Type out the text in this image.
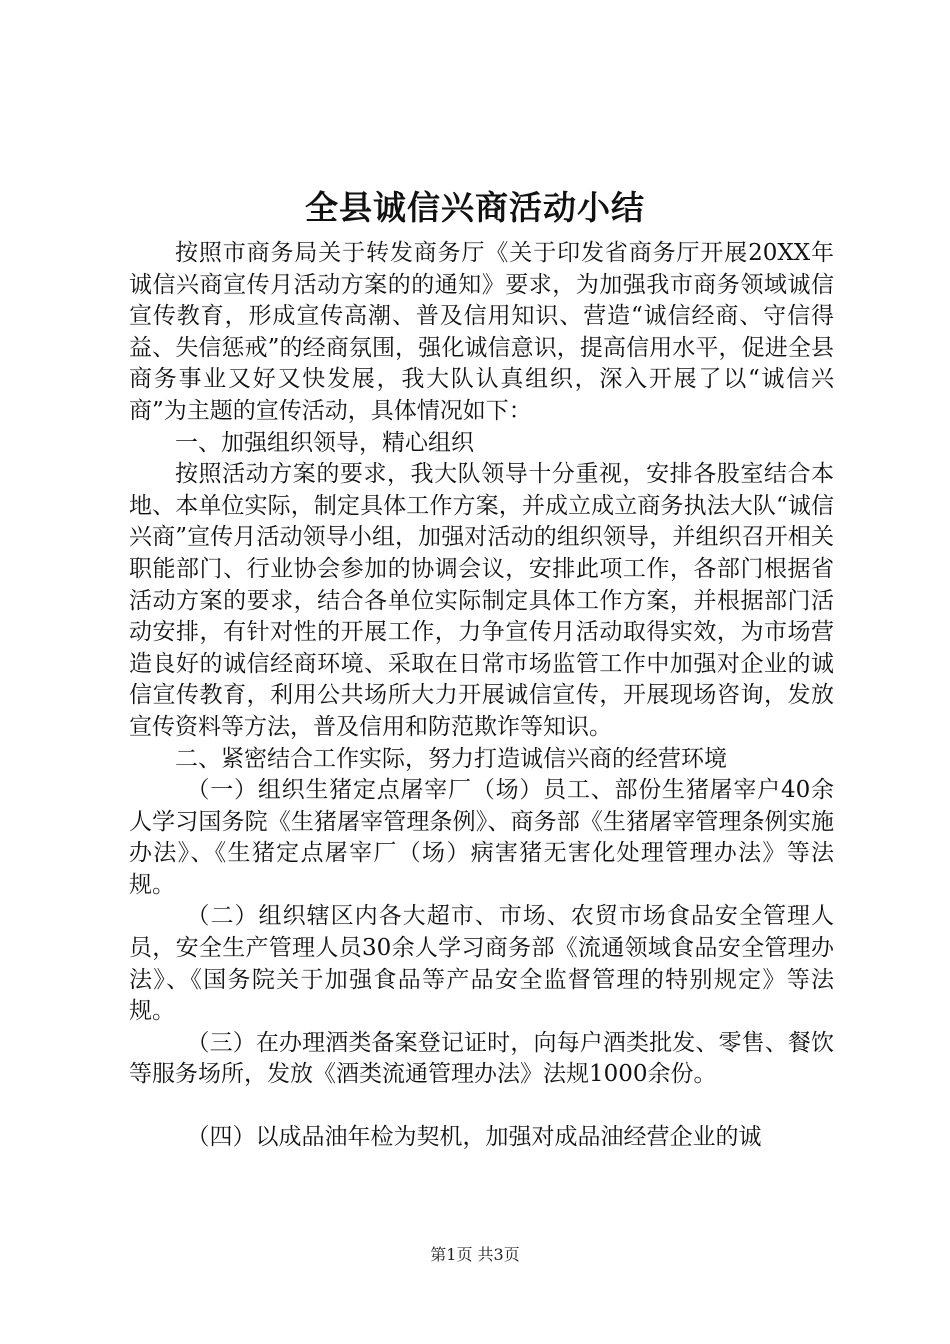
全县诚信兴商活动小结

按照市商务局关于转发商务厅《关于印发省商务厅开展20XX年诚信兴商宣传月活动方案的的通知》要求，为加强我市商务领域诚信宣传教育，形成宣传高潮、普及信用知识、营造“诚信经商、守信得益、失信惩戒”的经商氛围，强化诚信意识，提高信用水平，促进全县商务事业又好又快发展，我大队认真组织，深入开展了以“诚信兴商”为主题的宣传活动，具体情况如下：

一、加强组织领导，精心组织

按照活动方案的要求，我大队领导十分重视，安排各股室结合本地、本单位实际，制定具体工作方案，并成立成立商务执法大队“诚信兴商”宣传月活动领导小组，加强对活动的组织领导，并组织召开相关职能部门、行业协会参加的协调会议，安排此项工作，各部门根据省活动方案的要求，结合各单位实际制定具体工作方案，并根据部门活动安排，有针对性的开展工作，力争宣传月活动取得实效，为市场营造良好的诚信经商环境、采取在日常市场监管工作中加强对企业的诚信宣传教育，利用公共场所大力开展诚信宣传，开展现场咨询，发放宣传资料等方法，普及信用和防范欺诈等知识。

二、紧密结合工作实际，努力打造诚信兴商的经营环境

（一）组织生猪定点屠宰厂（场）员工、部份生猪屠宰户40余人学习国务院《生猪屠宰管理条例》、商务部《生猪屠宰管理条例实施办法》、《生猪定点屠宰厂（场）病害猪无害化处理管理办法》等法规。

（二）组织辖区内各大超市、市场、农贸市场食品安全管理人员，安全生产管理人员30余人学习商务部《流通领域食品安全管理办法》、《国务院关于加强食品等产品安全监督管理的特别规定》等法规。

（三）在办理酒类备案登记证时，向每户酒类批发、零售、餐饮等服务场所，发放《酒类流通管理办法》法规1000余份。

（四）以成品油年检为契机，加强对成品油经营企业的诚

第1页 共3页
